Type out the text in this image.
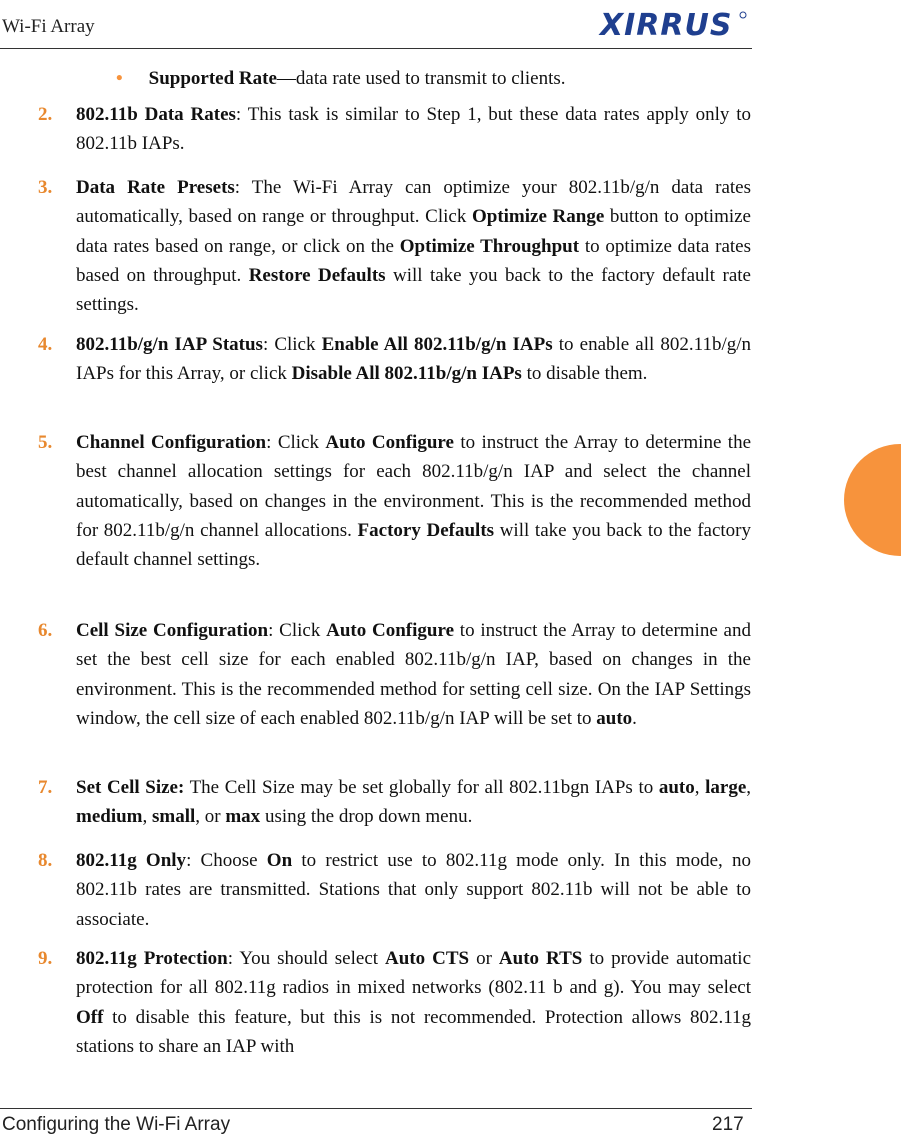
Wi-Fi Array	XIRRUS
• Supported Rate—data rate used to transmit to clients.
2. 802.11b Data Rates: This task is similar to Step 1, but these data rates apply only to 802.11b IAPs.
3. Data Rate Presets: The Wi-Fi Array can optimize your 802.11b/g/n data rates automatically, based on range or throughput. Click Optimize Range button to optimize data rates based on range, or click on the Optimize Throughput to optimize data rates based on throughput. Restore Defaults will take you back to the factory default rate settings.
4. 802.11b/g/n IAP Status: Click Enable All 802.11b/g/n IAPs to enable all 802.11b/g/n IAPs for this Array, or click Disable All 802.11b/g/n IAPs to disable them.
5. Channel Configuration: Click Auto Configure to instruct the Array to determine the best channel allocation settings for each 802.11b/g/n IAP and select the channel automatically, based on changes in the environment. This is the recommended method for 802.11b/g/n channel allocations. Factory Defaults will take you back to the factory default channel settings.
6. Cell Size Configuration: Click Auto Configure to instruct the Array to determine and set the best cell size for each enabled 802.11b/g/n IAP, based on changes in the environment. This is the recommended method for setting cell size. On the IAP Settings window, the cell size of each enabled 802.11b/g/n IAP will be set to auto.
7. Set Cell Size: The Cell Size may be set globally for all 802.11bgn IAPs to auto, large, medium, small, or max using the drop down menu.
8. 802.11g Only: Choose On to restrict use to 802.11g mode only. In this mode, no 802.11b rates are transmitted. Stations that only support 802.11b will not be able to associate.
9. 802.11g Protection: You should select Auto CTS or Auto RTS to provide automatic protection for all 802.11g radios in mixed networks (802.11 b and g). You may select Off to disable this feature, but this is not recommended. Protection allows 802.11g stations to share an IAP with
Configuring the Wi-Fi Array	217
